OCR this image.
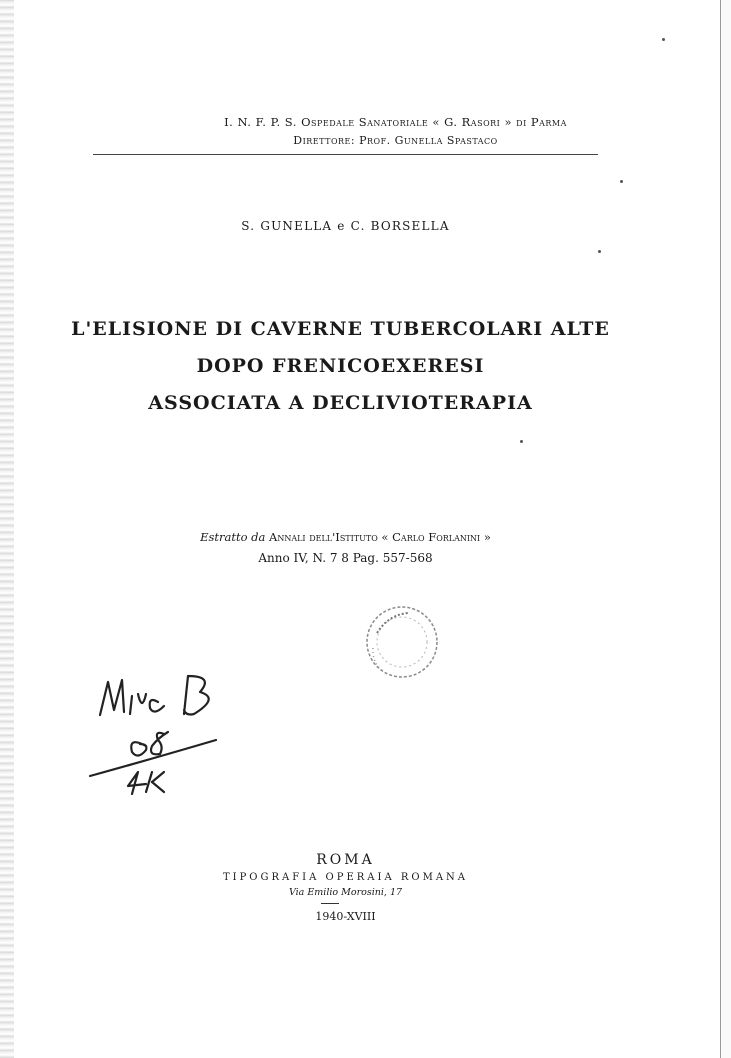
I. N. F. P. S. Ospedale Sanatoriale « G. Rasori » di Parma
Direttore: Prof. Gunella Spastaco
S. GUNELLA e C. BORSELLA
L'ELISIONE DI CAVERNE TUBERCOLARI ALTE
DOPO FRENICOEXERESI
ASSOCIATA A DECLIVIOTERAPIA
Estratto da Annali dell'Istituto « Carlo Forlanini »
Anno IV, N. 7 8 Pag. 557-568
ROMA
TIPOGRAFIA OPERAIA ROMANA
Via Emilio Morosini, 17
1940-XVIII
